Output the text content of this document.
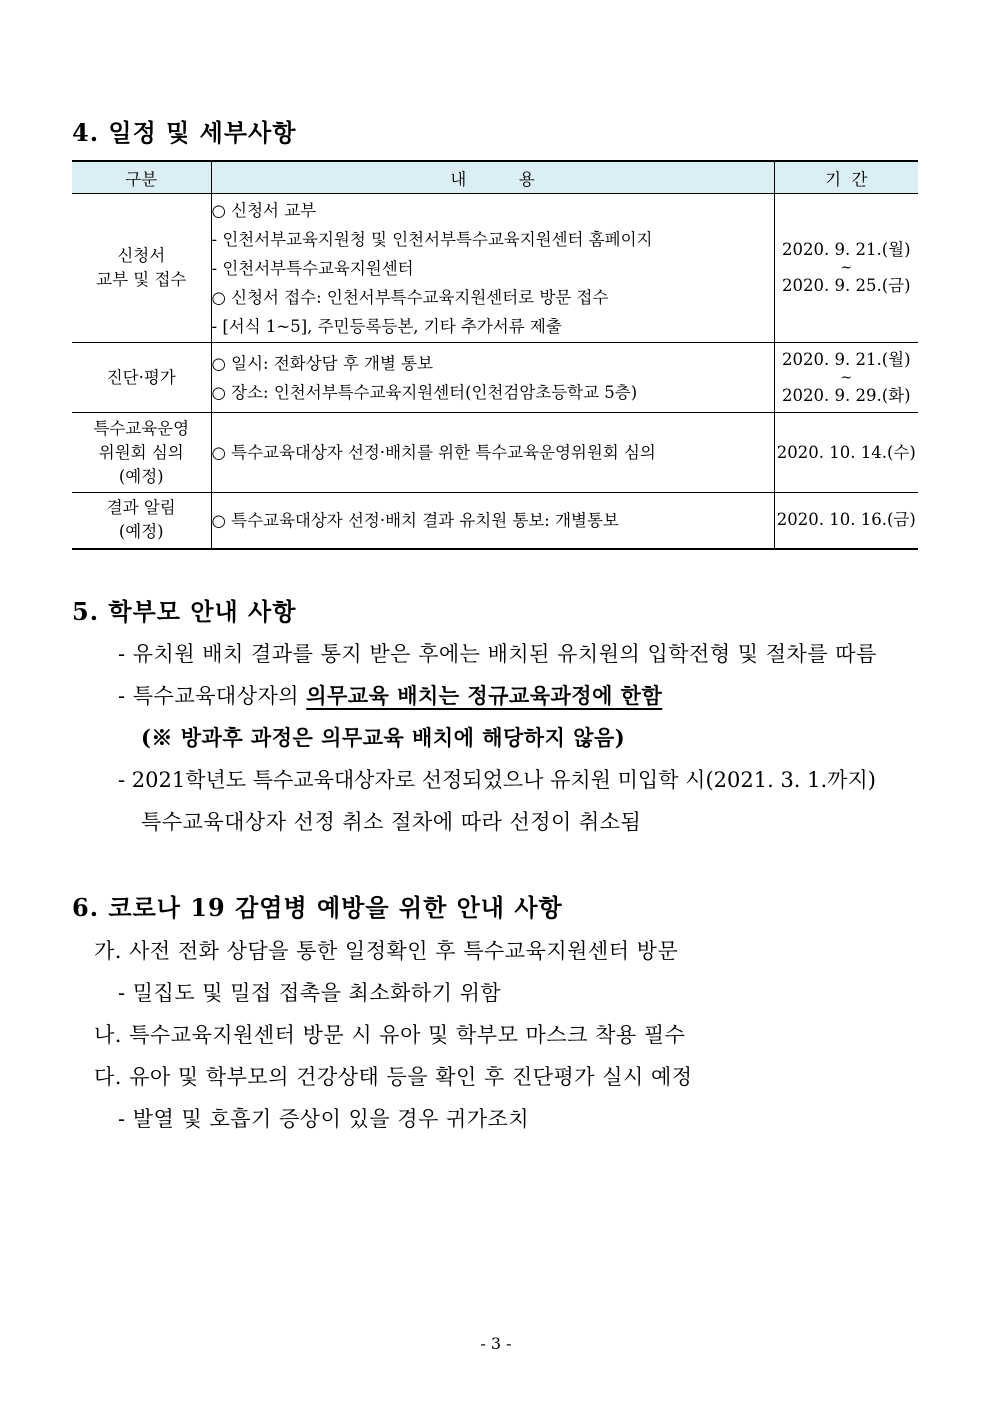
4. 일정 및 세부사항
구분	내          용	기  간

신청서
교부 및 접수	○ 신청서 교부
- 인천서부교육지원청 및 인천서부특수교육지원센터 홈페이지
- 인천서부특수교육지원센터
○ 신청서 접수: 인천서부특수교육지원센터로 방문 접수
- [서식 1~5], 주민등록등본, 기타 추가서류 제출	2020. 9. 21.(월)
~
2020. 9. 25.(금)

진단·평가	○ 일시: 전화상담 후 개별 통보
○ 장소: 인천서부특수교육지원센터(인천검암초등학교 5층)	2020. 9. 21.(월)
~
2020. 9. 29.(화)

특수교육운영
위원회 심의
(예정)	○ 특수교육대상자 선정·배치를 위한 특수교육운영위원회 심의	2020. 10. 14.(수)

결과 알림
(예정)	○ 특수교육대상자 선정·배치 결과 유치원 통보: 개별통보	2020. 10. 16.(금)
5. 학부모 안내 사항
- 유치원 배치 결과를 통지 받은 후에는 배치된 유치원의 입학전형 및 절차를 따름
- 특수교육대상자의 의무교육 배치는 정규교육과정에 한함
(※ 방과후 과정은 의무교육 배치에 해당하지 않음)
- 2021학년도 특수교육대상자로 선정되었으나 유치원 미입학 시(2021. 3. 1.까지)
특수교육대상자 선정 취소 절차에 따라 선정이 취소됨
6. 코로나 19 감염병 예방을 위한 안내 사항
가. 사전 전화 상담을 통한 일정확인 후 특수교육지원센터 방문
- 밀집도 및 밀접 접촉을 최소화하기 위함
나. 특수교육지원센터 방문 시 유아 및 학부모 마스크 착용 필수
다. 유아 및 학부모의 건강상태 등을 확인 후 진단평가 실시 예정
- 발열 및 호흡기 증상이 있을 경우 귀가조치
- 3 -
